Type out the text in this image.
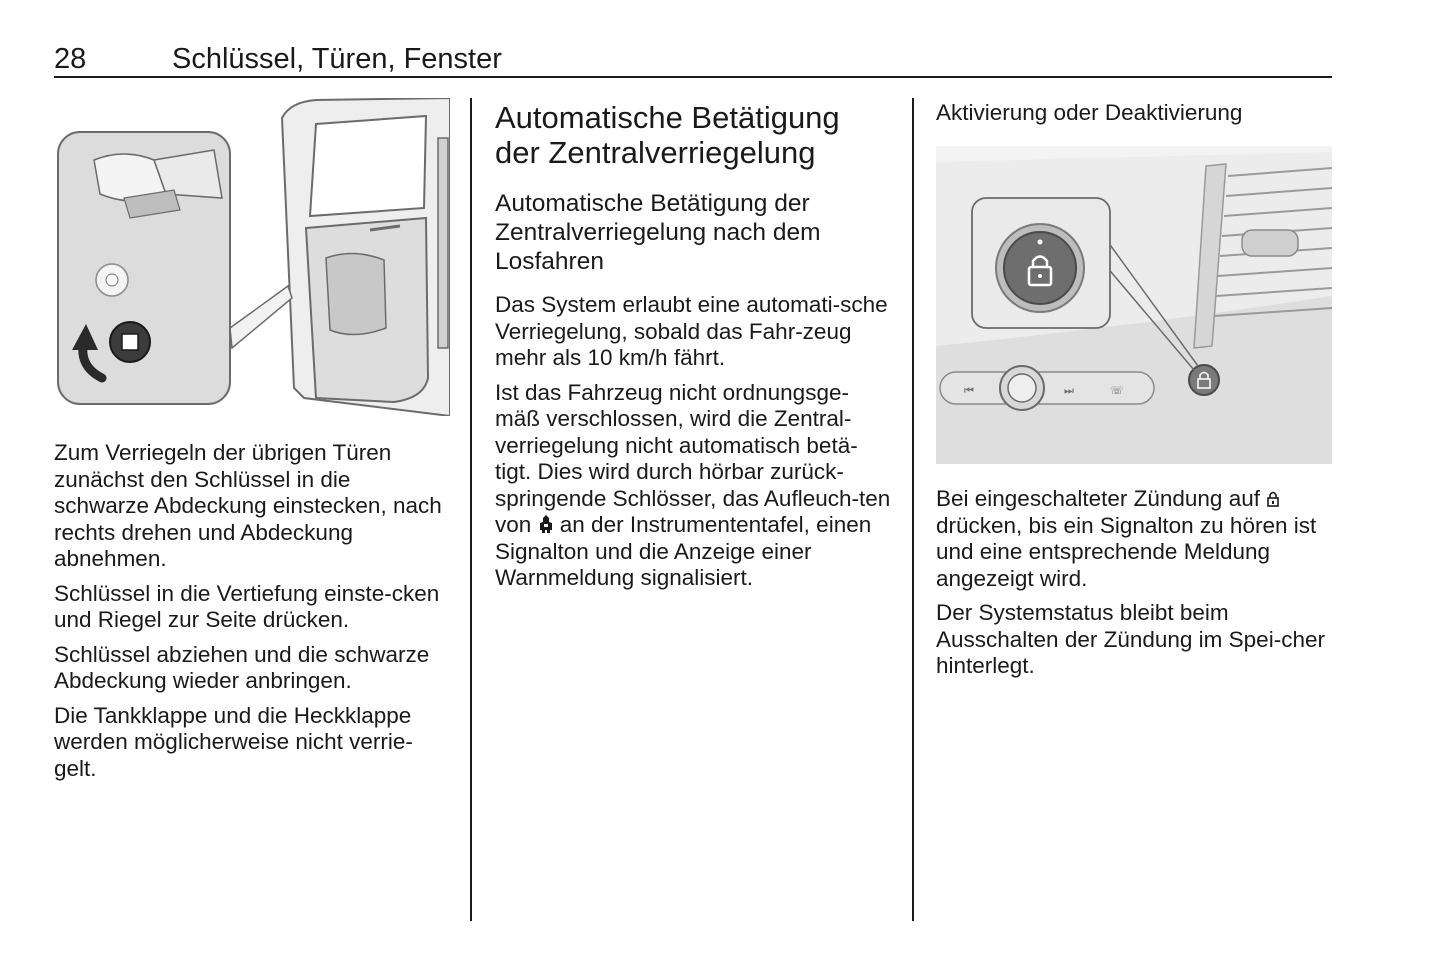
28	Schlüssel, Türen, Fenster

Zum Verriegeln der übrigen Türen zunächst den Schlüssel in die schwarze Abdeckung einstecken, nach rechts drehen und Abdeckung abnehmen.

Schlüssel in die Vertiefung einste‐cken und Riegel zur Seite drücken.

Schlüssel abziehen und die schwarze Abdeckung wieder anbringen.

Die Tankklappe und die Heckklappe werden möglicherweise nicht verrie‐gelt.

Automatische Betätigung der Zentralverriegelung
Automatische Betätigung der Zentralverriegelung nach dem Losfahren

Das System erlaubt eine automati‐sche Verriegelung, sobald das Fahr‐zeug mehr als 10 km/h fährt.

Ist das Fahrzeug nicht ordnungsge‐mäß verschlossen, wird die Zentral‐verriegelung nicht automatisch betä‐tigt. Dies wird durch hörbar zurück‐springende Schlösser, das Aufleuch‐ten von  an der Instrumententafel, einen Signalton und die Anzeige einer Warnmeldung signalisiert.

Aktivierung oder Deaktivierung
⏮	⏭	☏

Bei eingeschalteter Zündung auf  drücken, bis ein Signalton zu hören ist und eine entsprechende Meldung angezeigt wird.

Der Systemstatus bleibt beim Ausschalten der Zündung im Spei‐cher hinterlegt.
